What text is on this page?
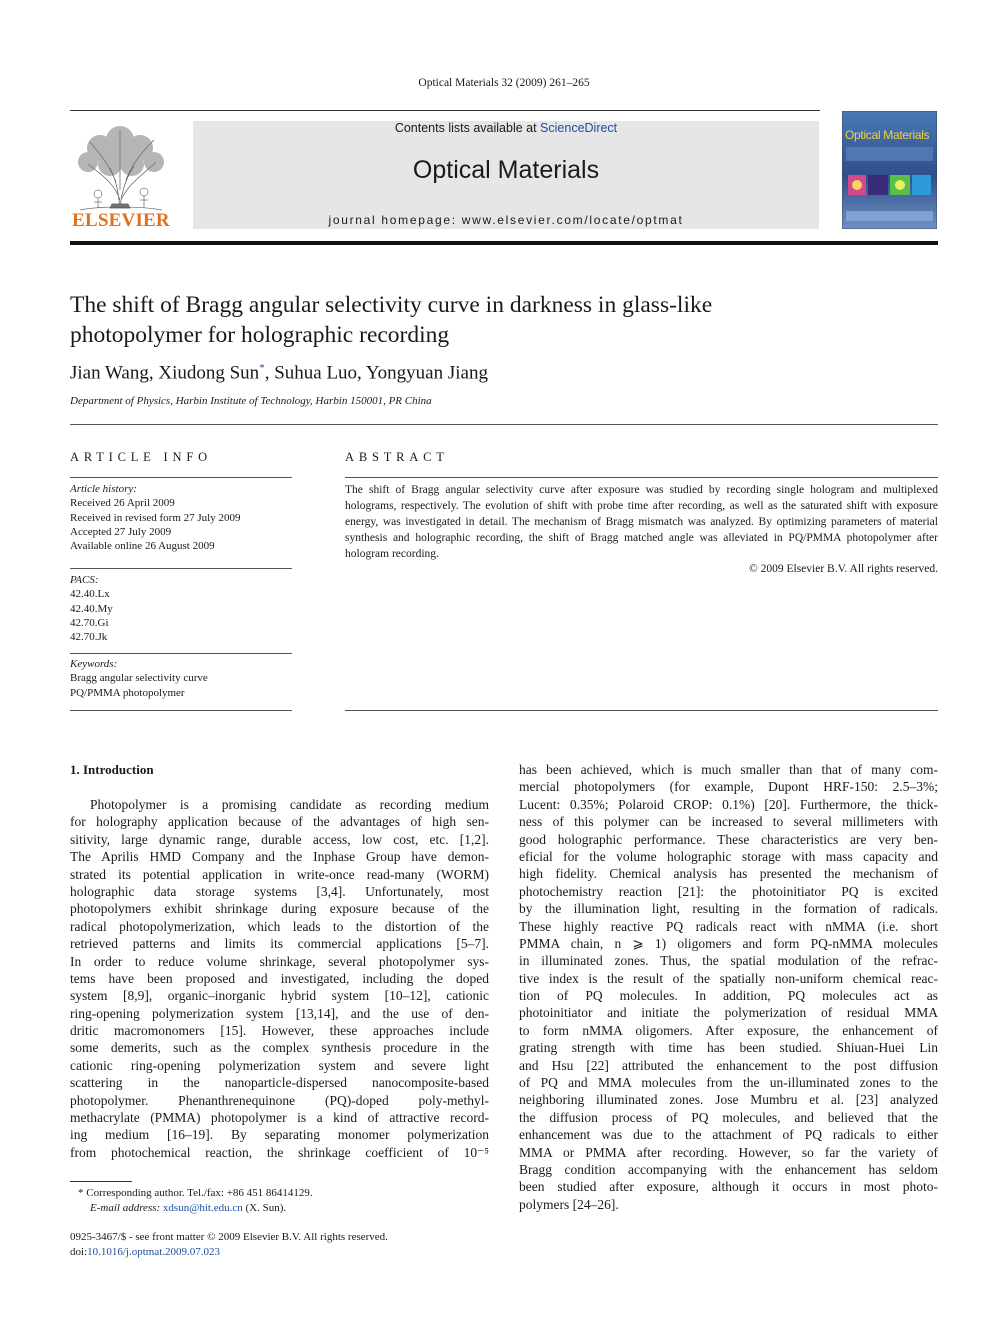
Optical Materials 32 (2009) 261–265
ELSEVIER
Contents lists available at ScienceDirect
Optical Materials
journal homepage: www.elsevier.com/locate/optmat
Optical Materials
The shift of Bragg angular selectivity curve in darkness in glass-like
photopolymer for holographic recording
Jian Wang, Xiudong Sun*, Suhua Luo, Yongyuan Jiang
Department of Physics, Harbin Institute of Technology, Harbin 150001, PR China
ARTICLE INFO	ABSTRACT
Article history:
Received 26 April 2009
Received in revised form 27 July 2009
Accepted 27 July 2009
Available online 26 August 2009
PACS:
42.40.Lx
42.40.My
42.70.Gi
42.70.Jk
Keywords:
Bragg angular selectivity curve
PQ/PMMA photopolymer
The shift of Bragg angular selectivity curve after exposure was studied by recording single hologram and multiplexed holograms, respectively. The evolution of shift with probe time after recording, as well as the saturated shift with exposure energy, was investigated in detail. The mechanism of Bragg mismatch was analyzed. By optimizing parameters of material synthesis and holographic recording, the shift of Bragg matched angle was alleviated in PQ/PMMA photopolymer after hologram recording.
© 2009 Elsevier B.V. All rights reserved.
1. Introduction
Photopolymer is a promising candidate as recording medium
for holography application because of the advantages of high sen-
sitivity, large dynamic range, durable access, low cost, etc. [1,2].
The Aprilis HMD Company and the Inphase Group have demon-
strated its potential application in write-once read-many (WORM)
holographic data storage systems [3,4]. Unfortunately, most
photopolymers exhibit shrinkage during exposure because of the
radical photopolymerization, which leads to the distortion of the
retrieved patterns and limits its commercial applications [5–7].
In order to reduce volume shrinkage, several photopolymer sys-
tems have been proposed and investigated, including the doped
system [8,9], organic–inorganic hybrid system [10–12], cationic
ring-opening polymerization system [13,14], and the use of den-
dritic macromonomers [15]. However, these approaches include
some demerits, such as the complex synthesis procedure in the
cationic ring-opening polymerization system and severe light
scattering in the nanoparticle-dispersed nanocomposite-based
photopolymer. Phenanthrenequinone (PQ)-doped poly-methyl-
methacrylate (PMMA) photopolymer is a kind of attractive record-
ing medium [16–19]. By separating monomer polymerization
from photochemical reaction, the shrinkage coefficient of 10⁻⁵
has been achieved, which is much smaller than that of many com-
mercial photopolymers (for example, Dupont HRF-150: 2.5–3%;
Lucent: 0.35%; Polaroid CROP: 0.1%) [20]. Furthermore, the thick-
ness of this polymer can be increased to several millimeters with
good holographic performance. These characteristics are very ben-
eficial for the volume holographic storage with mass capacity and
high fidelity. Chemical analysis has presented the mechanism of
photochemistry reaction [21]: the photoinitiator PQ is excited
by the illumination light, resulting in the formation of radicals.
These highly reactive PQ radicals react with nMMA (i.e. short
PMMA chain, n ⩾ 1) oligomers and form PQ-nMMA molecules
in illuminated zones. Thus, the spatial modulation of the refrac-
tive index is the result of the spatially non-uniform chemical reac-
tion of PQ molecules. In addition, PQ molecules act as
photoinitiator and initiate the polymerization of residual MMA
to form nMMA oligomers. After exposure, the enhancement of
grating strength with time has been studied. Shiuan-Huei Lin
and Hsu [22] attributed the enhancement to the post diffusion
of PQ and MMA molecules from the un-illuminated zones to the
neighboring illuminated zones. Jose Mumbru et al. [23] analyzed
the diffusion process of PQ molecules, and believed that the
enhancement was due to the attachment of PQ radicals to either
MMA or PMMA after recording. However, so far the variety of
Bragg condition accompanying with the enhancement has seldom
been studied after exposure, although it occurs in most photo-
polymers [24–26].
* Corresponding author. Tel./fax: +86 451 86414129.
E-mail address: xdsun@hit.edu.cn (X. Sun).
0925-3467/$ - see front matter © 2009 Elsevier B.V. All rights reserved.
doi:10.1016/j.optmat.2009.07.023
